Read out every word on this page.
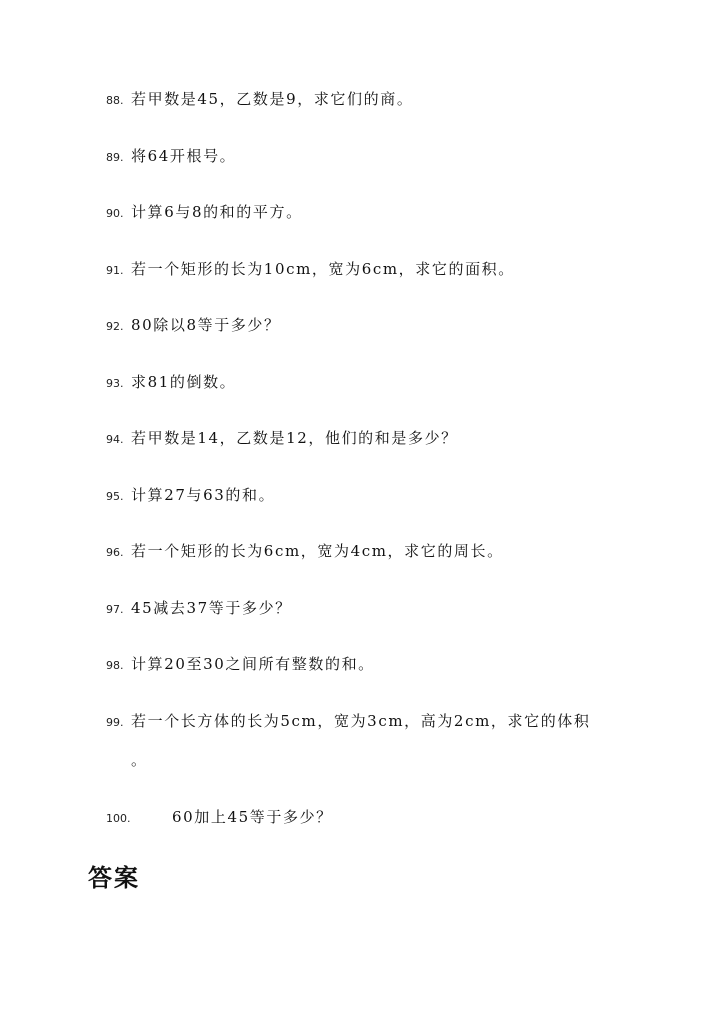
88. 若甲数是45，乙数是9，求它们的商。
89. 将64开根号。
90. 计算6与8的和的平方。
91. 若一个矩形的长为10cm，宽为6cm，求它的面积。
92. 80除以8等于多少？
93. 求81的倒数。
94. 若甲数是14，乙数是12，他们的和是多少？
95. 计算27与63的和。
96. 若一个矩形的长为6cm，宽为4cm，求它的周长。
97. 45减去37等于多少？
98. 计算20至30之间所有整数的和。
99. 若一个长方体的长为5cm，宽为3cm，高为2cm，求它的体积
。
100.	60加上45等于多少？
答案
